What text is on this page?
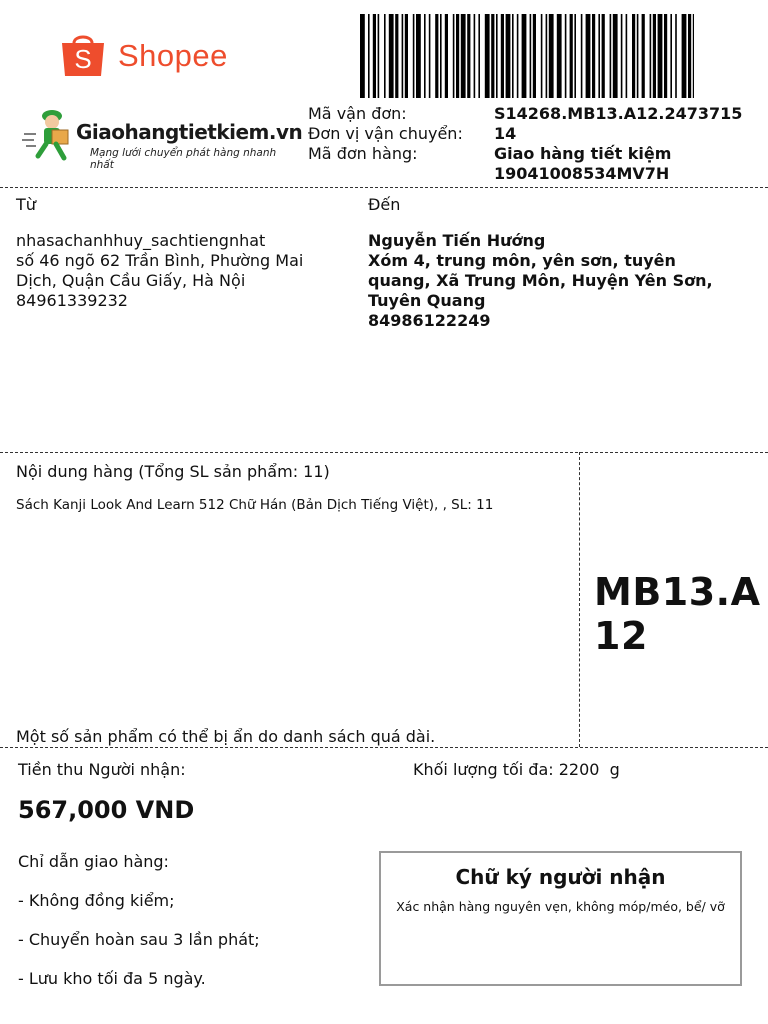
S Shopee
Giaohangtietkiem.vn
Mạng lưới chuyển phát hàng nhanh nhất
Mã vận đơn:	S14268.MB13.A12.2473715
Đơn vị vận chuyển: 14
Mã đơn hàng:	Giao hàng tiết kiệm
19041008534MV7H
Từ
nhasachanhhuy_sachtiengnhat
số 46 ngõ 62 Trần Bình, Phường Mai
Dịch, Quận Cầu Giấy, Hà Nội
84961339232
Đến
Nguyễn Tiến Hướng
Xóm 4, trung môn, yên sơn, tuyên
quang, Xã Trung Môn, Huyện Yên Sơn,
Tuyên Quang
84986122249
Nội dung hàng (Tổng SL sản phẩm: 11)
Sách Kanji Look And Learn 512 Chữ Hán (Bản Dịch Tiếng Việt), , SL: 11
Một số sản phẩm có thể bị ẩn do danh sách quá dài.
MB13.A
12
Tiền thu Người nhận:	Khối lượng tối đa: 2200  g
567,000 VND
Chỉ dẫn giao hàng:
- Không đồng kiểm;
- Chuyển hoàn sau 3 lần phát;
- Lưu kho tối đa 5 ngày.
Chữ ký người nhận
Xác nhận hàng nguyên vẹn, không móp/méo, bể/ vỡ
